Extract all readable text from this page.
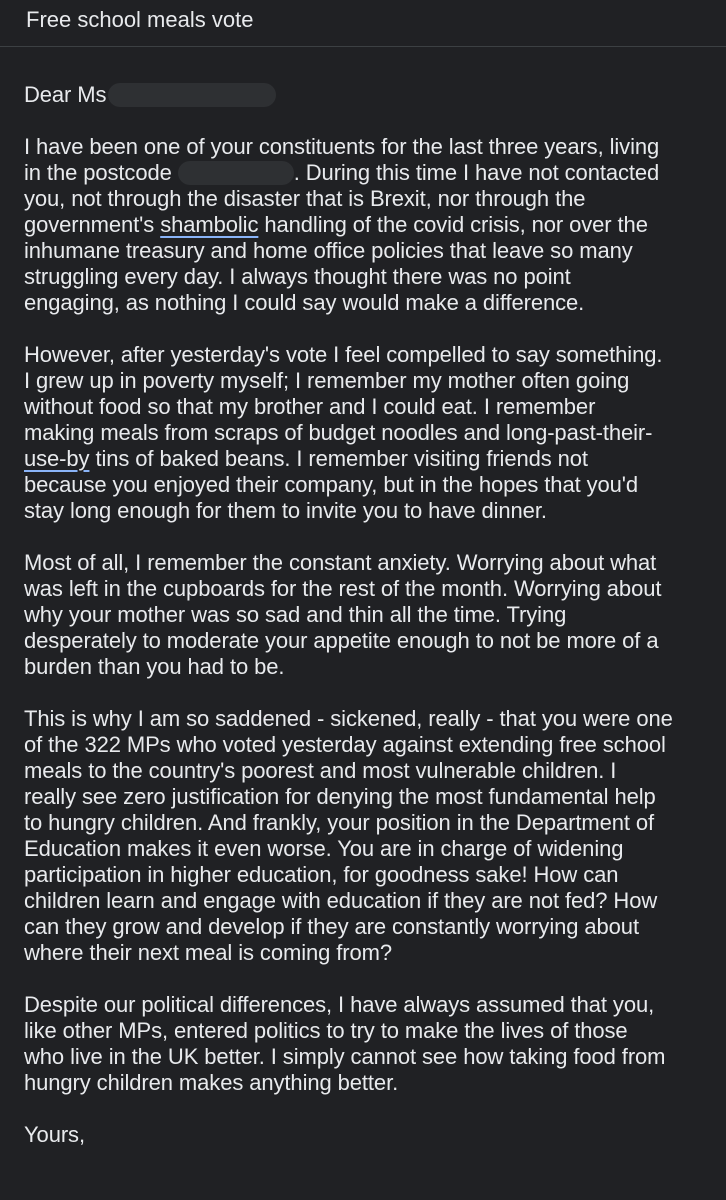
Free school meals vote

Dear Ms

I have been one of your constituents for the last three years, living
in the postcode	. During this time I have not contacted
you, not through the disaster that is Brexit, nor through the
government's shambolic handling of the covid crisis, nor over the
inhumane treasury and home office policies that leave so many
struggling every day. I always thought there was no point
engaging, as nothing I could say would make a difference.

However, after yesterday's vote I feel compelled to say something.
I grew up in poverty myself; I remember my mother often going
without food so that my brother and I could eat. I remember
making meals from scraps of budget noodles and long-past-their-
use-by tins of baked beans. I remember visiting friends not
because you enjoyed their company, but in the hopes that you'd
stay long enough for them to invite you to have dinner.

Most of all, I remember the constant anxiety. Worrying about what
was left in the cupboards for the rest of the month. Worrying about
why your mother was so sad and thin all the time. Trying
desperately to moderate your appetite enough to not be more of a
burden than you had to be.

This is why I am so saddened - sickened, really - that you were one
of the 322 MPs who voted yesterday against extending free school
meals to the country's poorest and most vulnerable children. I
really see zero justification for denying the most fundamental help
to hungry children. And frankly, your position in the Department of
Education makes it even worse. You are in charge of widening
participation in higher education, for goodness sake! How can
children learn and engage with education if they are not fed? How
can they grow and develop if they are constantly worrying about
where their next meal is coming from?

Despite our political differences, I have always assumed that you,
like other MPs, entered politics to try to make the lives of those
who live in the UK better. I simply cannot see how taking food from
hungry children makes anything better.

Yours,
